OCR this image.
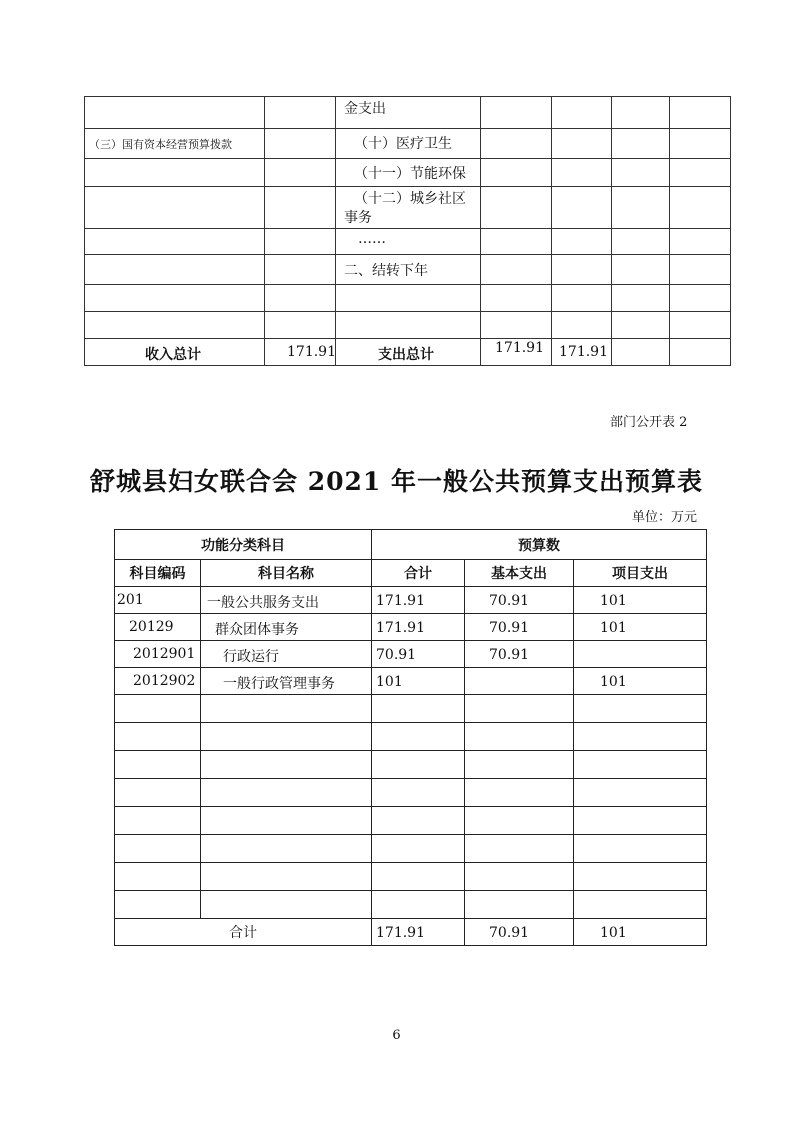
		金支出				

（三）国有资本经营预算拨款		（十）医疗卫生				

		（十一）节能环保				

		（十二）城乡社区事务				

		……				

		二、结转下年				

收入总计	171.91	支出总计	171.91	171.91		

部门公开表 2
舒城县妇女联合会 2021 年一般公共预算支出预算表
单位：万元
功能分类科目		预算数		
科目编码	科目名称	合计	基本支出	项目支出

201	一般公共服务支出	171.91	70.91	101

20129	群众团体事务	171.91	70.91	101

2012901	行政运行	70.91	70.91	

2012902	一般行政管理事务	101		101

合计		171.91	70.91	101
6
